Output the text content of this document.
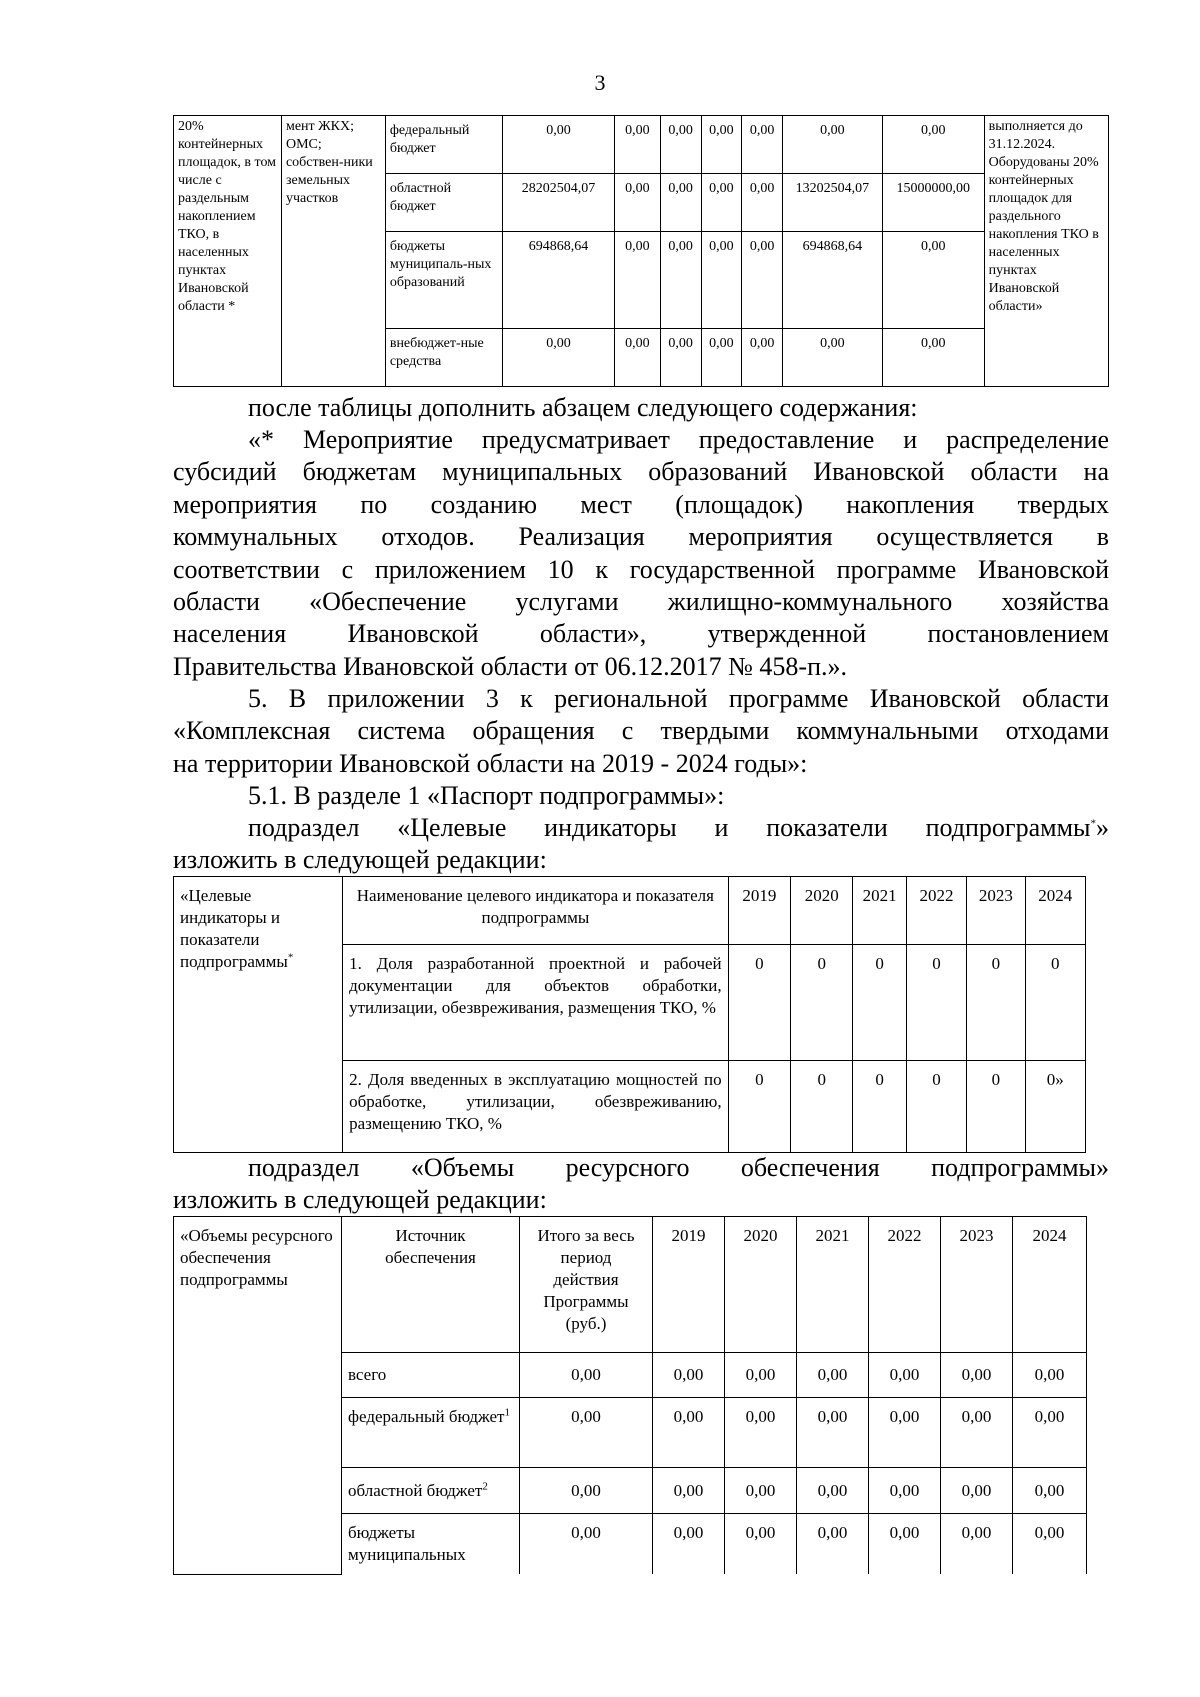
3
20% контейнерных площадок, в том числе с раздельным накоплением ТКО, в населенных пунктах Ивановской области *	мент ЖКХ; ОМС; собствен-ники земельных участков	федеральный бюджет	0,00	0,00	0,00	0,00	0,00	0,00	0,00	выполняется до 31.12.2024. Оборудованы 20% контейнерных площадок для раздельного накопления ТКО в населенных пунктах Ивановской области»
		областной бюджет	28202504,07	0,00	0,00	0,00	0,00	13202504,07	15000000,00	
		бюджеты муниципаль-ных образований	694868,64	0,00	0,00	0,00	0,00	694868,64	0,00	
		внебюджет-ные средства	0,00	0,00	0,00	0,00	0,00	0,00	0,00	
после таблицы дополнить абзацем следующего содержания:
«* Мероприятие предусматривает предоставление и распределение
субсидий бюджетам муниципальных образований Ивановской области на
мероприятия по созданию мест (площадок) накопления твердых
коммунальных отходов. Реализация мероприятия осуществляется в
соответствии с приложением 10 к государственной программе Ивановской
области «Обеспечение услугами жилищно-коммунального хозяйства
населения Ивановской области», утвержденной постановлением
Правительства Ивановской области от 06.12.2017 № 458-п.».
5. В приложении 3 к региональной программе Ивановской области
«Комплексная система обращения с твердыми коммунальными отходами
на территории Ивановской области на 2019 - 2024 годы»:
5.1. В разделе 1 «Паспорт подпрограммы»:
подраздел «Целевые индикаторы и показатели подпрограммы*»
изложить в следующей редакции:
«Целевые индикаторы и показатели подпрограммы*	Наименование целевого индикатора и показателя подпрограммы	2019	2020	2021	2022	2023	2024
	1. Доля разработанной проектной и рабочей документации для объектов обработки, утилизации, обезвреживания, размещения ТКО, %	0	0	0	0	0	0
	2. Доля введенных в эксплуатацию мощностей по обработке, утилизации, обезвреживанию, размещению ТКО, %	0	0	0	0	0	0»
подраздел «Объемы ресурсного обеспечения подпрограммы»
изложить в следующей редакции:
«Объемы ресурсного обеспечения подпрограммы	Источник обеспечения	Итого за весь период действия Программы (руб.)	2019	2020	2021	2022	2023	2024
	всего	0,00	0,00	0,00	0,00	0,00	0,00	0,00
	федеральный бюджет$^1$	0,00	0,00	0,00	0,00	0,00	0,00	0,00
	областной бюджет$^2$	0,00	0,00	0,00	0,00	0,00	0,00	0,00
	бюджеты муниципальных	0,00	0,00	0,00	0,00	0,00	0,00	0,00
